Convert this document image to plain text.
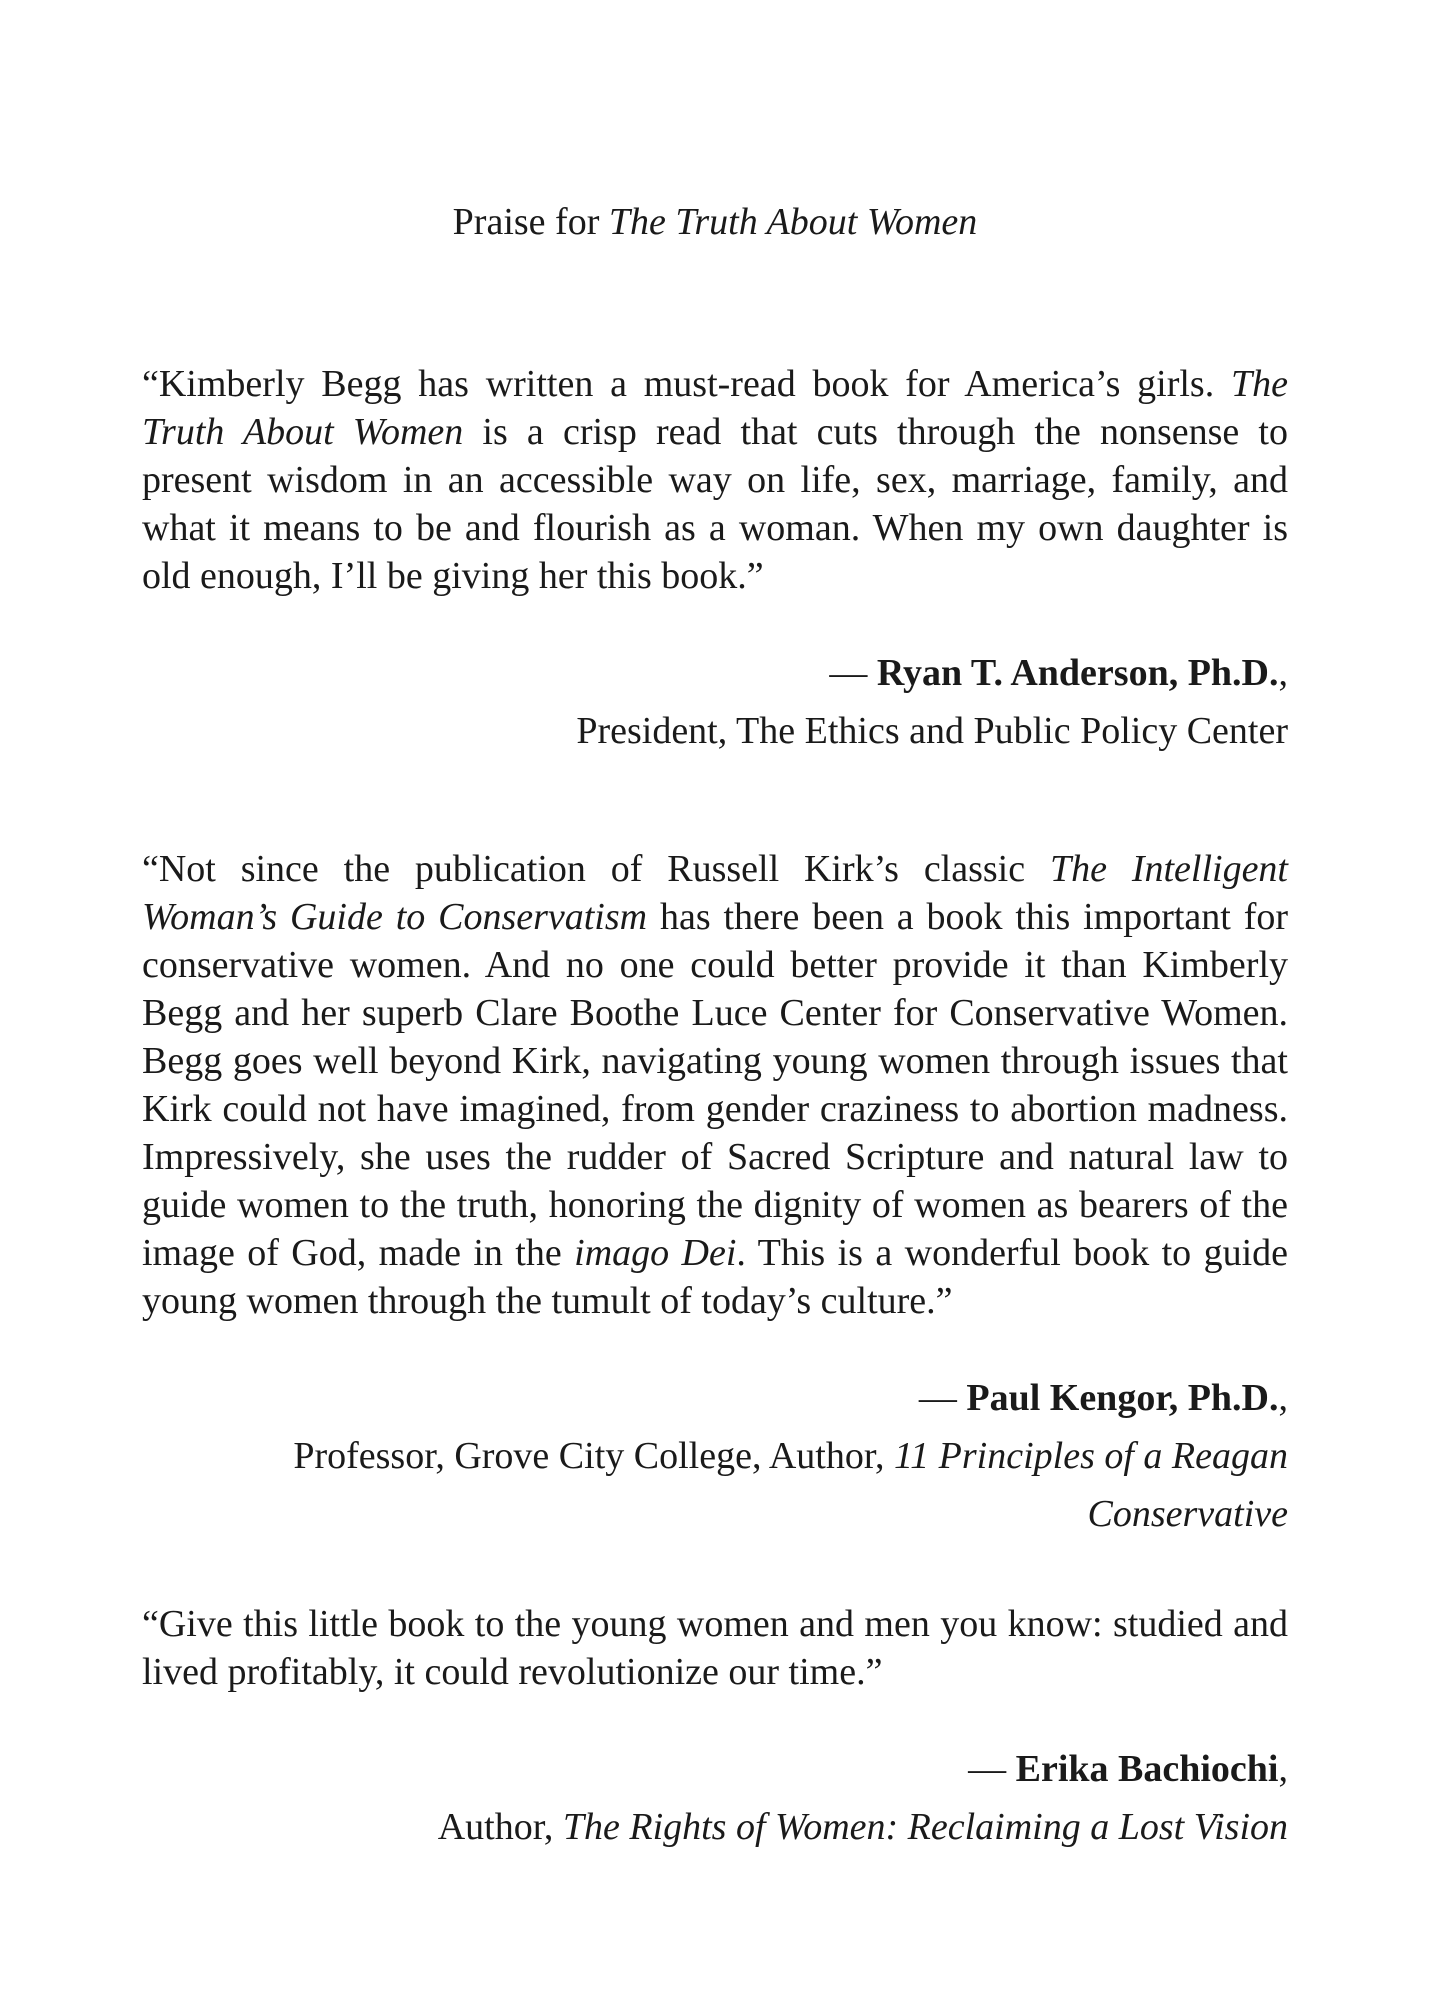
Praise for The Truth About Women

“Kimberly Begg has written a must-read book for America’s girls. The Truth About Women is a crisp read that cuts through the nonsense to present wisdom in an accessible way on life, sex, marriage, family, and what it means to be and flourish as a woman. When my own daughter is old enough, I’ll be giving her this book.”

— Ryan T. Anderson, Ph.D.,

President, The Ethics and Public Policy Center

“Not since the publication of Russell Kirk’s classic The Intelligent Woman’s Guide to Conservatism has there been a book this important for conservative women. And no one could better provide it than Kimberly Begg and her superb Clare Boothe Luce Center for Conservative Women. Begg goes well beyond Kirk, navigating young women through issues that Kirk could not have imagined, from gender craziness to abortion madness. Impressively, she uses the rudder of Sacred Scripture and natural law to guide women to the truth, honoring the dignity of women as bearers of the image of God, made in the imago Dei. This is a wonderful book to guide young women through the tumult of today’s culture.”

— Paul Kengor, Ph.D.,

Professor, Grove City College, Author, 11 Principles of a Reagan Conservative

“Give this little book to the young women and men you know: studied and lived profitably, it could revolutionize our time.”

— Erika Bachiochi,

Author, The Rights of Women: Reclaiming a Lost Vision
